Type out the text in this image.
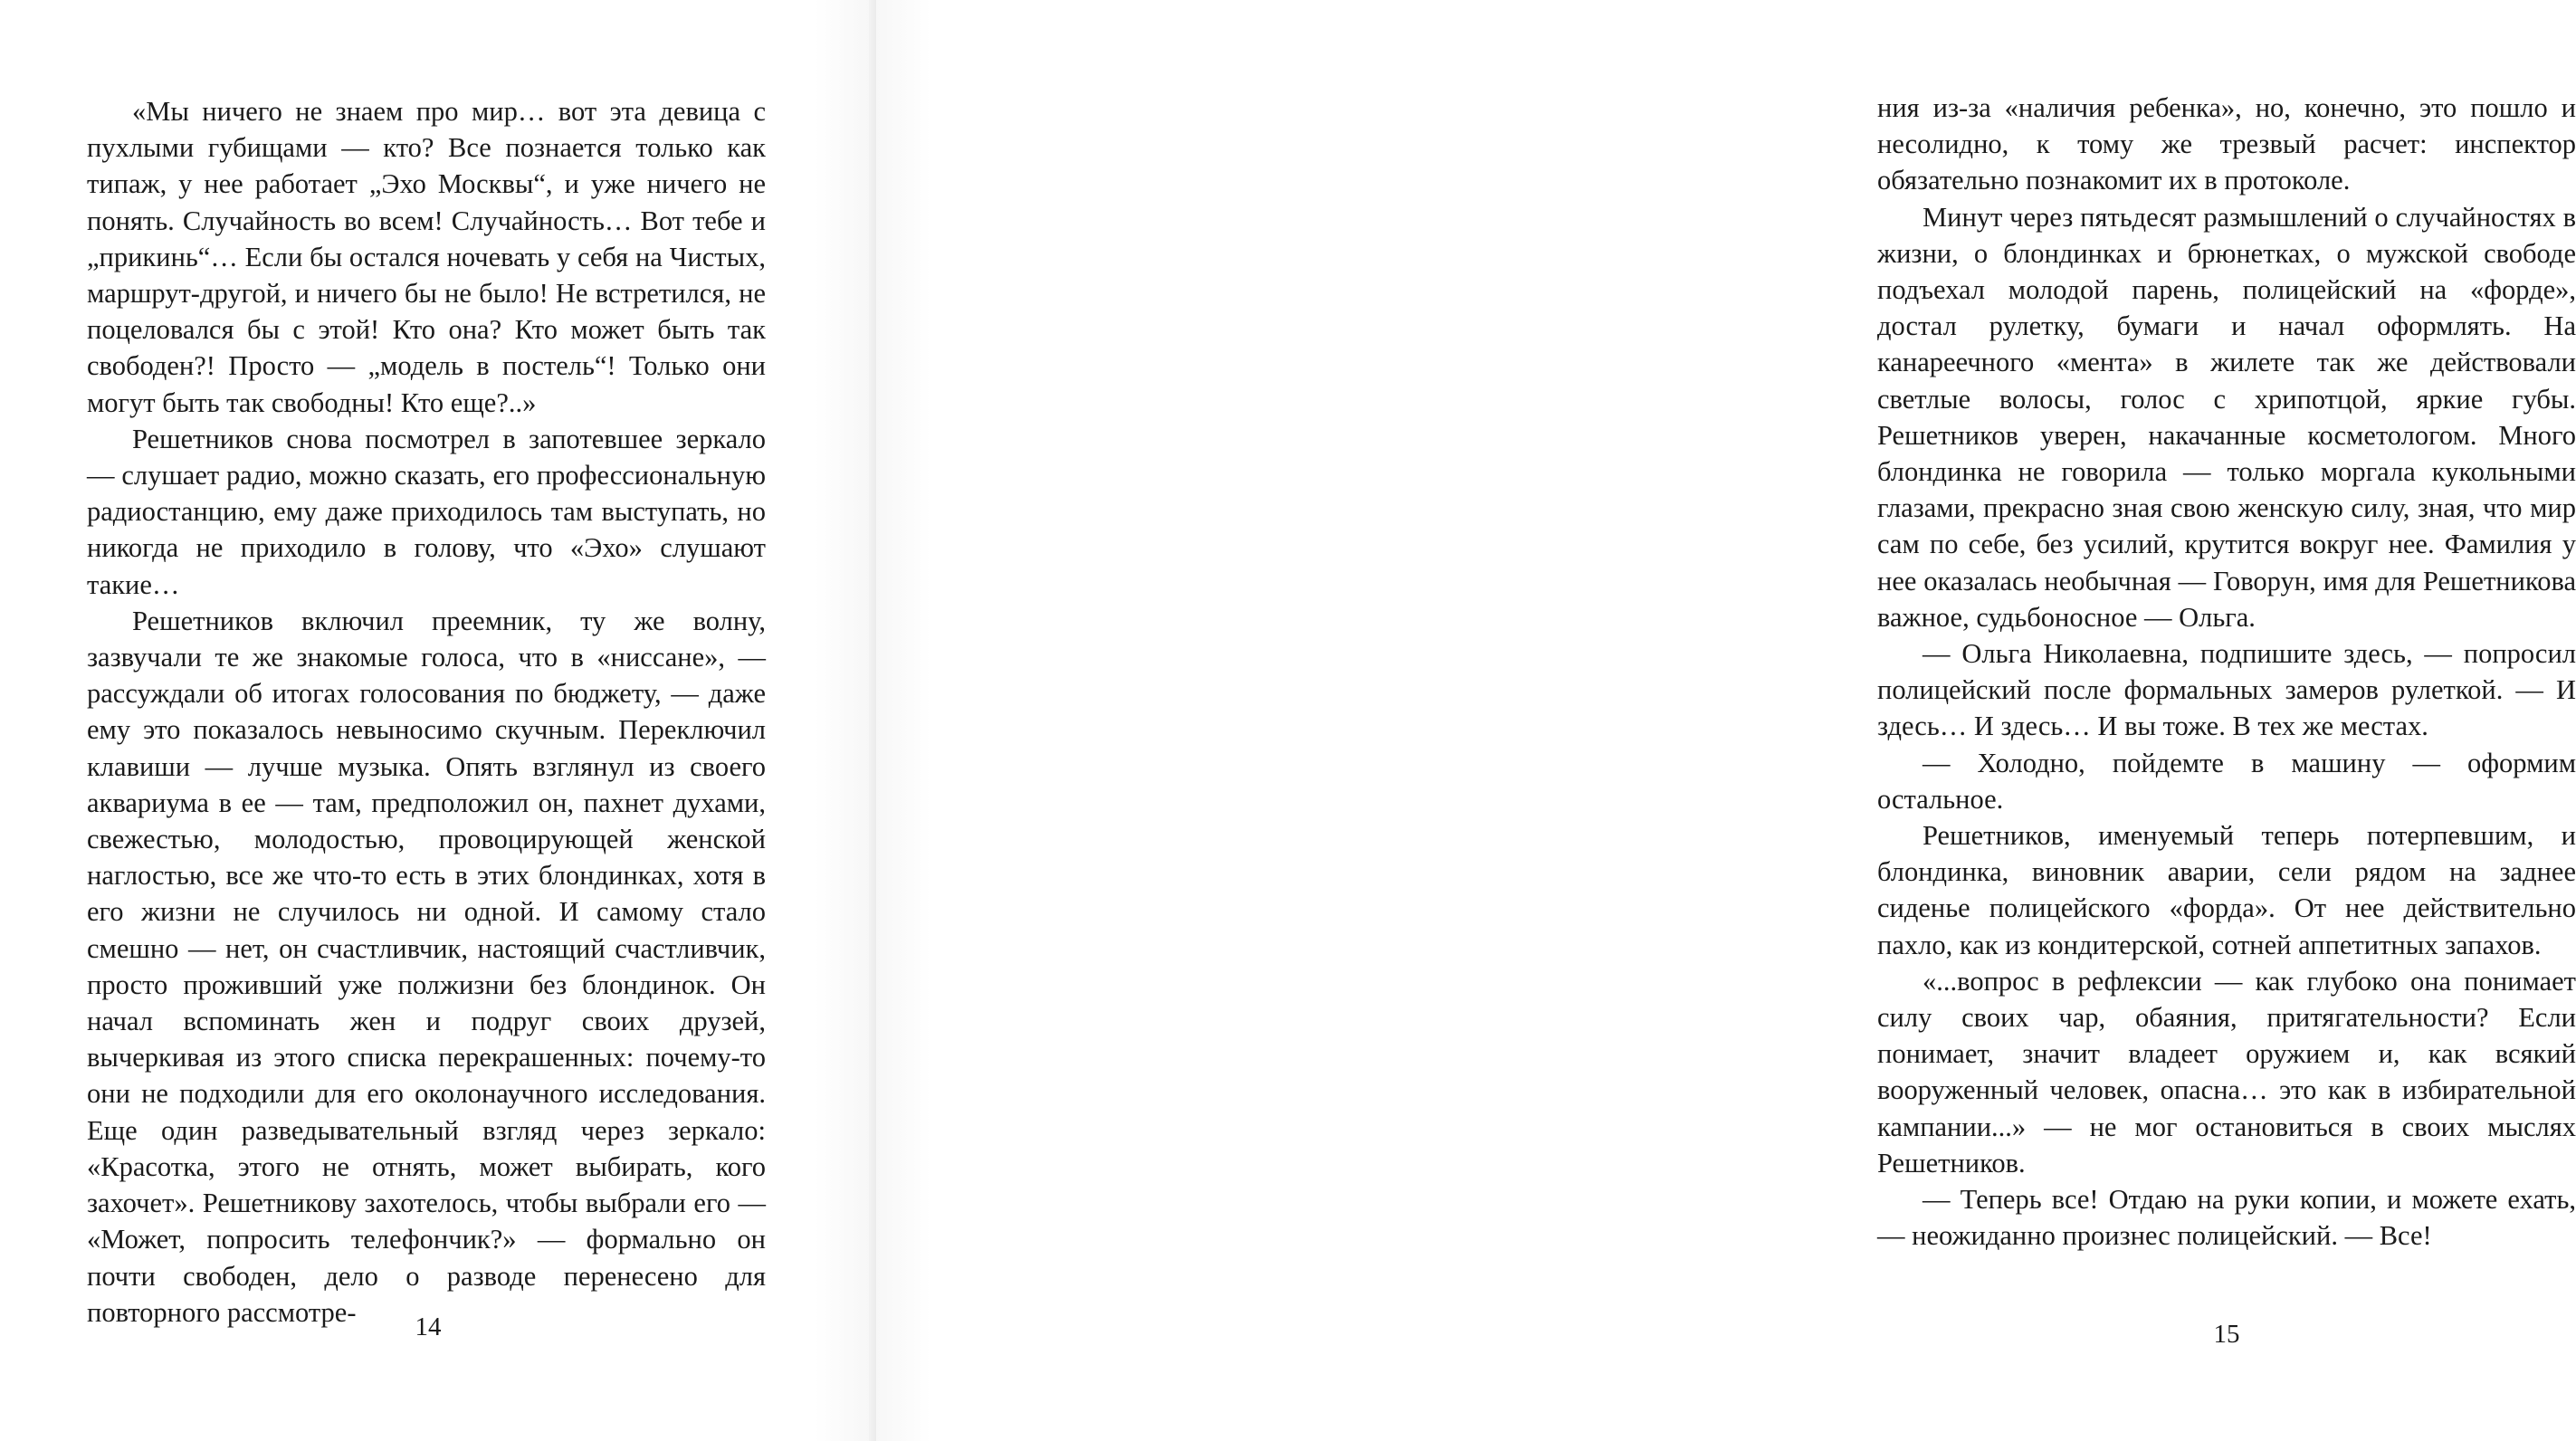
«Мы ничего не знаем про мир… вот эта девица с пухлыми губищами — кто? Все познается только как типаж, у нее работает „Эхо Москвы“, и уже ничего не понять. Случайность во всем! Случайность… Вот тебе и „прикинь“… Если бы остался ночевать у себя на Чистых, маршрут-другой, и ничего бы не было! Не встретился, не поцеловался бы с этой! Кто она? Кто может быть так свободен?! Просто — „модель в постель“! Только они могут быть так свободны! Кто еще?..»

Решетников снова посмотрел в запотевшее зеркало — слушает радио, можно сказать, его профессиональную радиостанцию, ему даже приходилось там выступать, но никогда не приходило в голову, что «Эхо» слушают такие…

Решетников включил преемник, ту же волну, зазвучали те же знакомые голоса, что в «ниссане», — рассуждали об итогах голосования по бюджету, — даже ему это показалось невыносимо скучным. Переключил клавиши — лучше музыка. Опять взглянул из своего аквариума в ее — там, предположил он, пахнет духами, свежестью, молодостью, провоцирующей женской наглостью, все же что-то есть в этих блондинках, хотя в его жизни не случилось ни одной. И самому стало смешно — нет, он счастливчик, настоящий счастливчик, просто проживший уже полжизни без блондинок. Он начал вспоминать жен и подруг своих друзей, вычеркивая из этого списка перекрашенных: почему-то они не подходили для его околонаучного исследования. Еще один разведывательный взгляд через зеркало: «Красотка, этого не отнять, может выбирать, кого захочет». Решетникову захотелось, чтобы выбрали его — «Может, попросить телефончик?» — формально он почти свободен, дело о разводе перенесено для повторного рассмотре-	14

ния из-за «наличия ребенка», но, конечно, это пошло и несолидно, к тому же трезвый расчет: инспектор обязательно познакомит их в протоколе.

Минут через пятьдесят размышлений о случайностях в жизни, о блондинках и брюнетках, о мужской свободе подъехал молодой парень, полицейский на «форде», достал рулетку, бумаги и начал оформлять. На канареечного «мента» в жилете так же действовали светлые волосы, голос с хрипотцой, яркие губы. Решетников уверен, накачанные косметологом. Много блондинка не говорила — только моргала кукольными глазами, прекрасно зная свою женскую силу, зная, что мир сам по себе, без усилий, крутится вокруг нее. Фамилия у нее оказалась необычная — Говорун, имя для Решетникова важное, судьбоносное — Ольга.

— Ольга Николаевна, подпишите здесь, — попросил полицейский после формальных замеров рулеткой. — И здесь… И здесь… И вы тоже. В тех же местах.

— Холодно, пойдемте в машину — оформим остальное.

Решетников, именуемый теперь потерпевшим, и блондинка, виновник аварии, сели рядом на заднее сиденье полицейского «форда». От нее действительно пахло, как из кондитерской, сотней аппетитных запахов.

«...вопрос в рефлексии — как глубоко она понимает силу своих чар, обаяния, притягательности? Если понимает, значит владеет оружием и, как всякий вооруженный человек, опасна… это как в избирательной кампании...» — не мог остановиться в своих мыслях Решетников.

— Теперь все! Отдаю на руки копии, и можете ехать, — неожиданно произнес полицейский. — Все!

15
